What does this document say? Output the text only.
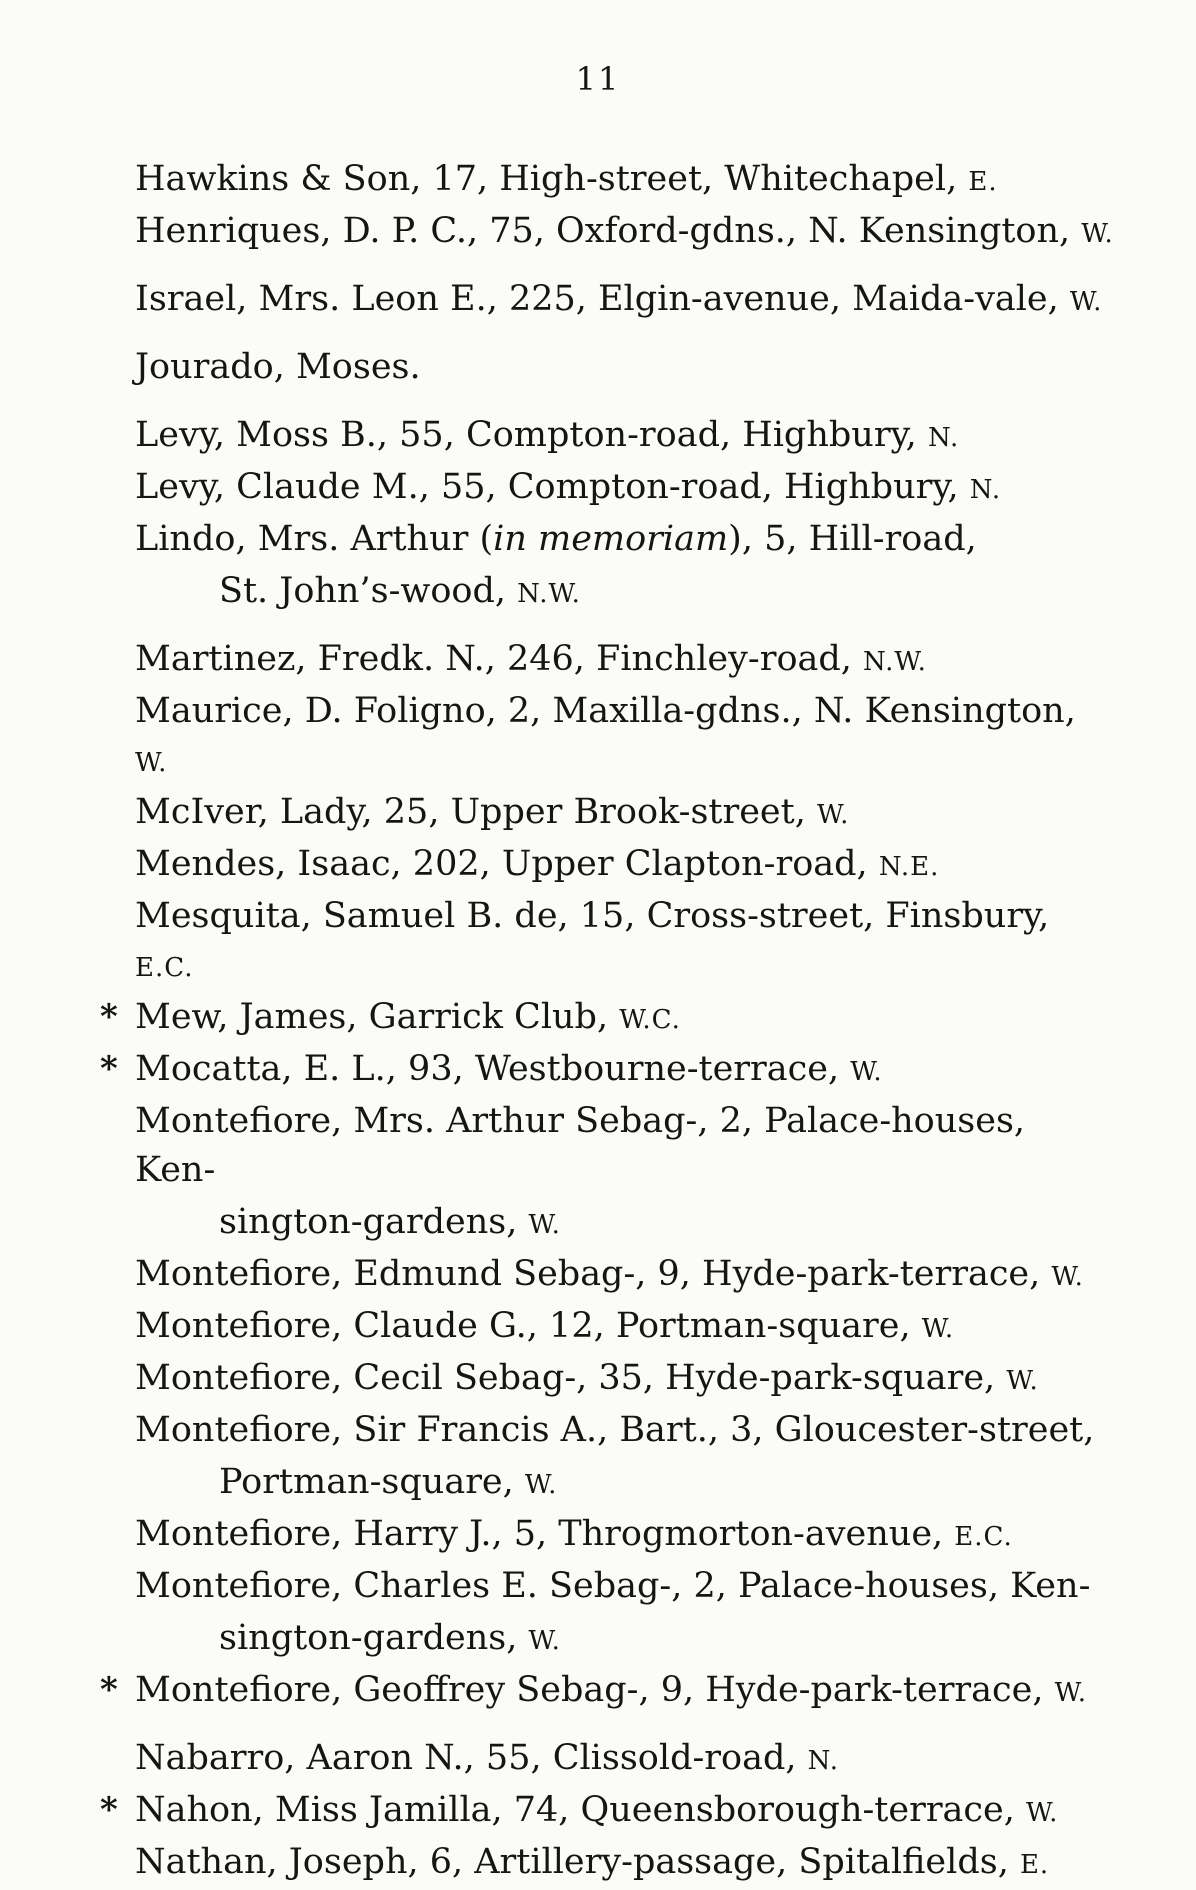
11
Hawkins & Son, 17, High-street, Whitechapel, E.
Henriques, D. P. C., 75, Oxford-gdns., N. Kensington, W.
Israel, Mrs. Leon E., 225, Elgin-avenue, Maida-vale, W.
Jourado, Moses.
Levy, Moss B., 55, Compton-road, Highbury, N.
Levy, Claude M., 55, Compton-road, Highbury, N.
Lindo, Mrs. Arthur (in memoriam), 5, Hill-road,
St. John’s-wood, N.W.
Martinez, Fredk. N., 246, Finchley-road, N.W.
Maurice, D. Foligno, 2, Maxilla-gdns., N. Kensington, W.
McIver, Lady, 25, Upper Brook-street, W.
Mendes, Isaac, 202, Upper Clapton-road, N.E.
Mesquita, Samuel B. de, 15, Cross-street, Finsbury, E.C.
* Mew, James, Garrick Club, W.C.
* Mocatta, E. L., 93, Westbourne-terrace, W.
Montefiore, Mrs. Arthur Sebag-, 2, Palace-houses, Ken-
sington-gardens, W.
Montefiore, Edmund Sebag-, 9, Hyde-park-terrace, W.
Montefiore, Claude G., 12, Portman-square, W.
Montefiore, Cecil Sebag-, 35, Hyde-park-square, W.
Montefiore, Sir Francis A., Bart., 3, Gloucester-street,
Portman-square, W.
Montefiore, Harry J., 5, Throgmorton-avenue, E.C.
Montefiore, Charles E. Sebag-, 2, Palace-houses, Ken-
sington-gardens, W.
* Montefiore, Geoffrey Sebag-, 9, Hyde-park-terrace, W.
Nabarro, Aaron N., 55, Clissold-road, N.
* Nahon, Miss Jamilla, 74, Queensborough-terrace, W.
Nathan, Joseph, 6, Artillery-passage, Spitalfields, E.
